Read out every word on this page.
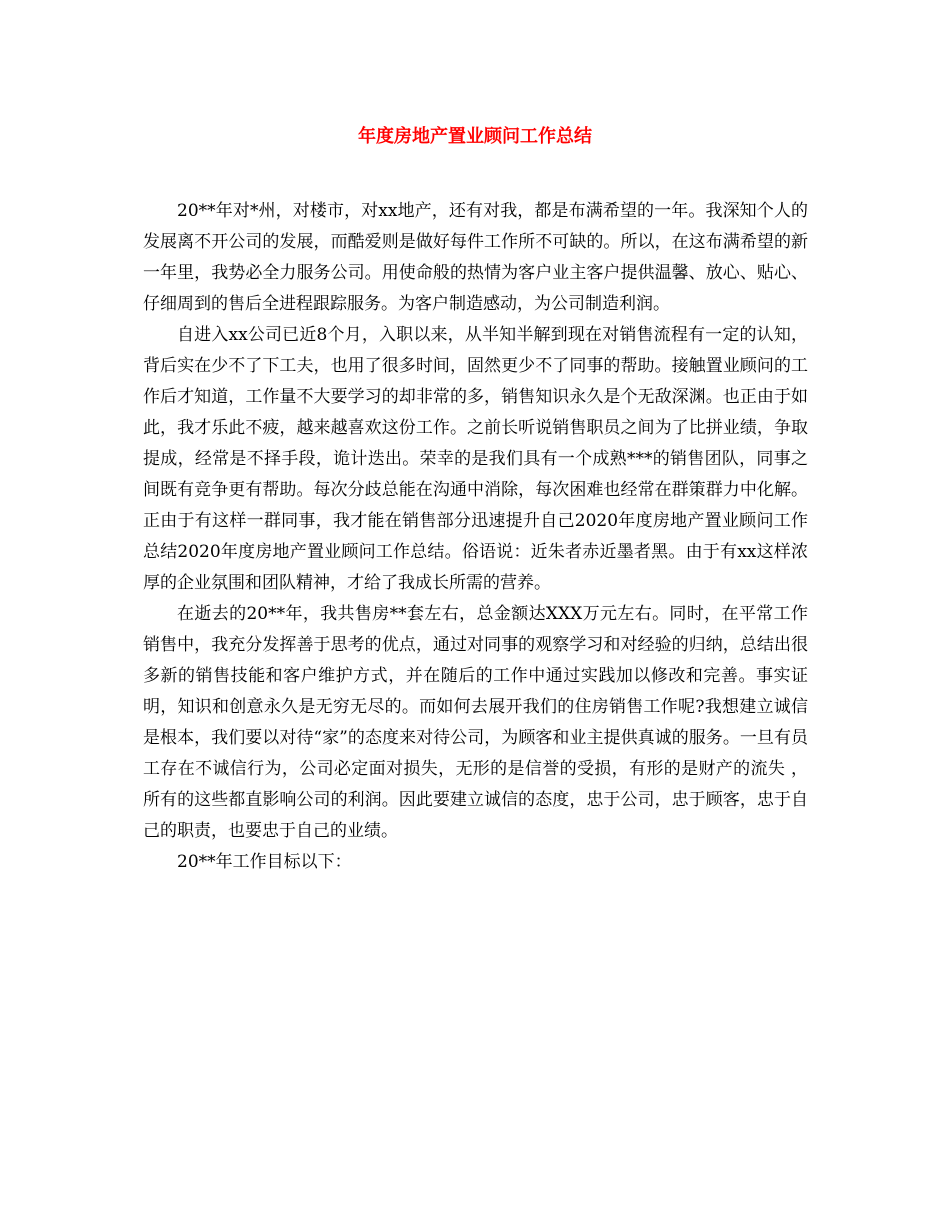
年度房地产置业顾问工作总结

20**年对*州，对楼市，对xx地产，还有对我，都是布满希望的一年。我深知个人的发展离不开公司的发展，而酷爱则是做好每件工作所不可缺的。所以，在这布满希望的新一年里，我势必全力服务公司。用使命般的热情为客户业主客户提供温馨、放心、贴心、仔细周到的售后全进程跟踪服务。为客户制造感动，为公司制造利润。

自进入xx公司已近8个月，入职以来，从半知半解到现在对销售流程有一定的认知，背后实在少不了下工夫，也用了很多时间，固然更少不了同事的帮助。接触置业顾问的工作后才知道，工作量不大要学习的却非常的多，销售知识永久是个无敌深渊。也正由于如此，我才乐此不疲，越来越喜欢这份工作。之前长听说销售职员之间为了比拼业绩，争取提成，经常是不择手段，诡计迭出。荣幸的是我们具有一个成熟***的销售团队，同事之间既有竞争更有帮助。每次分歧总能在沟通中消除，每次困难也经常在群策群力中化解。正由于有这样一群同事，我才能在销售部分迅速提升自己2020年度房地产置业顾问工作总结2020年度房地产置业顾问工作总结。俗语说：近朱者赤近墨者黑。由于有xx这样浓厚的企业氛围和团队精神，才给了我成长所需的营养。

在逝去的20**年，我共售房**套左右，总金额达XXX万元左右。同时，在平常工作销售中，我充分发挥善于思考的优点，通过对同事的观察学习和对经验的归纳，总结出很多新的销售技能和客户维护方式，并在随后的工作中通过实践加以修改和完善。事实证明，知识和创意永久是无穷无尽的。而如何去展开我们的住房销售工作呢?我想建立诚信是根本，我们要以对待“家”的态度来对待公司，为顾客和业主提供真诚的服务。一旦有员工存在不诚信行为，公司必定面对损失，无形的是信誉的受损，有形的是财产的流失 ， 所有的这些都直影响公司的利润。因此要建立诚信的态度，忠于公司，忠于顾客，忠于自己的职责，也要忠于自己的业绩。

20**年工作目标以下：
